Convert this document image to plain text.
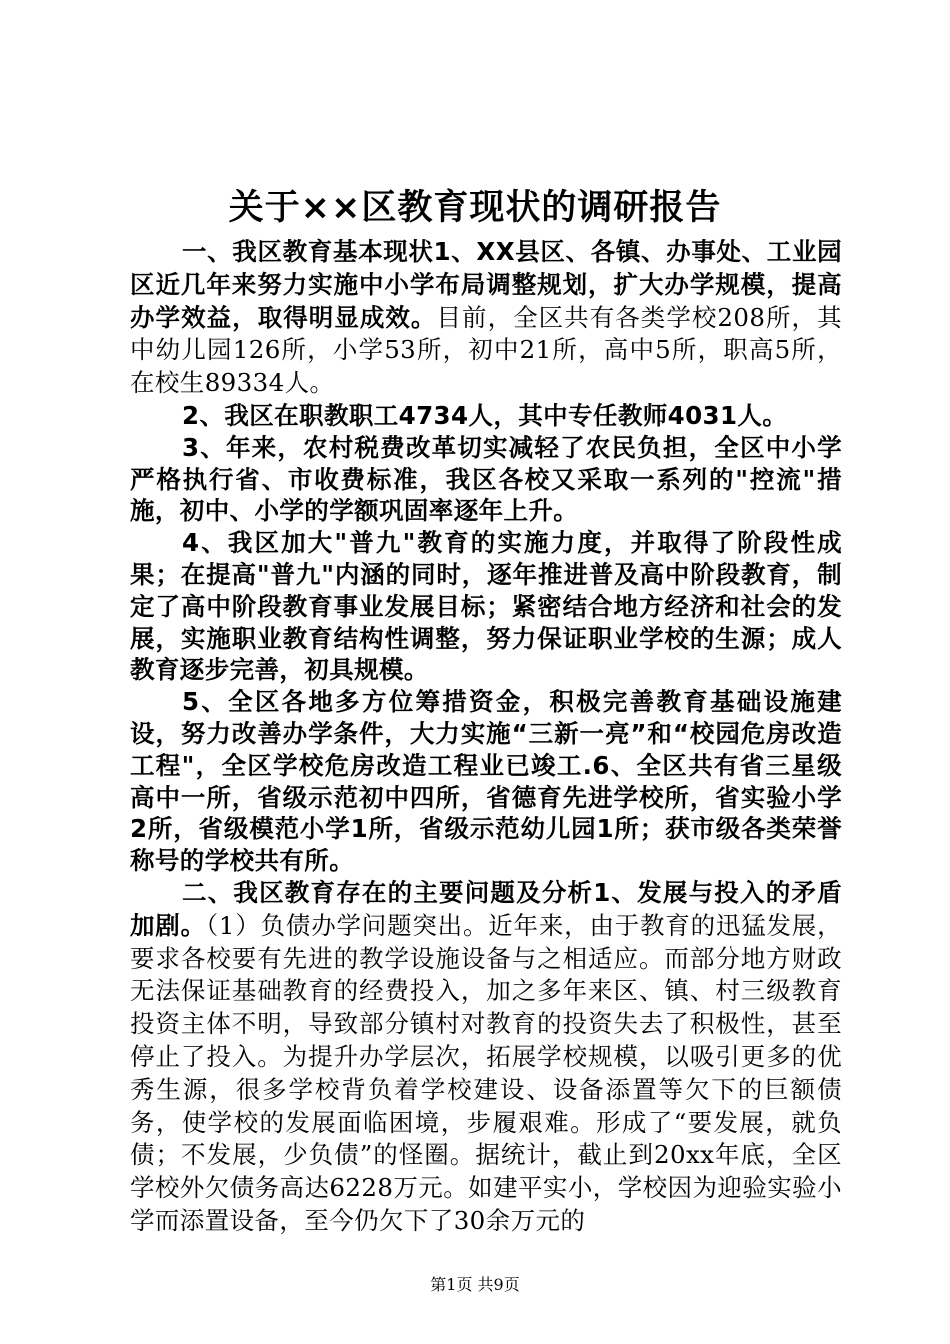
关于××区教育现状的调研报告

一、我区教育基本现状1、XX县区、各镇、办事处、工业园区近几年来努力实施中小学布局调整规划，扩大办学规模，提高办学效益，取得明显成效。目前，全区共有各类学校208所，其中幼儿园126所，小学53所，初中21所，高中5所，职高5所，在校生89334人。

2、我区在职教职工4734人，其中专任教师4031人。

3、年来，农村税费改革切实减轻了农民负担，全区中小学严格执行省、市收费标准，我区各校又采取一系列的"控流"措施，初中、小学的学额巩固率逐年上升。

4、我区加大"普九"教育的实施力度，并取得了阶段性成果；在提高"普九"内涵的同时，逐年推进普及高中阶段教育，制定了高中阶段教育事业发展目标；紧密结合地方经济和社会的发展，实施职业教育结构性调整，努力保证职业学校的生源；成人教育逐步完善，初具规模。

5、全区各地多方位筹措资金，积极完善教育基础设施建设，努力改善办学条件，大力实施“三新一亮”和“校园危房改造工程"，全区学校危房改造工程业已竣工.6、全区共有省三星级高中一所，省级示范初中四所，省德育先进学校所，省实验小学2所，省级模范小学1所，省级示范幼儿园1所；获市级各类荣誉称号的学校共有所。

二、我区教育存在的主要问题及分析1、发展与投入的矛盾加剧。（1）负债办学问题突出。近年来，由于教育的迅猛发展，要求各校要有先进的教学设施设备与之相适应。而部分地方财政无法保证基础教育的经费投入，加之多年来区、镇、村三级教育投资主体不明，导致部分镇村对教育的投资失去了积极性，甚至停止了投入。为提升办学层次，拓展学校规模，以吸引更多的优秀生源，很多学校背负着学校建设、设备添置等欠下的巨额债务，使学校的发展面临困境，步履艰难。形成了“要发展，就负债；不发展，少负债”的怪圈。据统计，截止到20xx年底，全区学校外欠债务高达6228万元。如建平实小，学校因为迎验实验小学而添置设备，至今仍欠下了30余万元的

第1页 共9页
